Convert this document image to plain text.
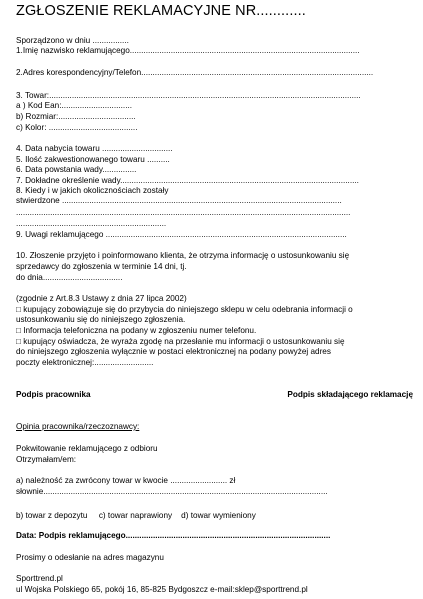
ZGŁOSZENIE REKLAMACYJNE NR............
Sporządzono w dniu ................
1.Imię nazwisko reklamującego.....................................................................................................
2.Adres korespondencyjny/Telefon......................................................................................................
3. Towar:.........................................................................................................................................
a ) Kod Ean:...............................
b) Rozmiar:..................................
c) Kolor: .......................................
4. Data nabycia towaru ...............................
5. Ilość zakwestionowanego towaru ..........
6. Data powstania wady...............
7. Dokładne określenie wady.........................................................................................................
8. Kiedy i w jakich okolicznościach zostały
stwierdzone ...........................................................................................................................
...................................................................................................................................................
..................................................................
9. Uwagi reklamującego ..........................................................................................................
10. Złoszenie przyjęto i poinformowano klienta, że otrzyma informację o ustosunkowaniu się
sprzedawcy do zgłoszenia w terminie 14 dni, tj.
do dnia...................................
(zgodnie z Art.8.3 Ustawy z dnia 27 lipca 2002)
□ kupujący zobowiązuje się do przybycia do niniejszego sklepu w celu odebrania informacji o
ustosunkowaniu się do niniejszego zgłoszenia.
□ Informacja telefoniczna na podany w zgłoszeniu numer telefonu.
□ kupujący oświadcza, że wyraża zgodę na przesłanie mu informacji o ustosunkowaniu się
do niniejszego zgłoszenia wyłącznie w postaci elektronicznej na podany powyżej adres
poczty elektronicznej:..........................
Podpis pracownika	Podpis składającego reklamację
Opinia pracownika/rzeczoznawcy:
Pokwitowanie reklamującego z odbioru
Otrzymałam/em:
a) należność za zwrócony towar w kwocie ......................... zł
słownie.............................................................................................................................
b) towar z depozytu     c) towar naprawiony    d) towar wymieniony
Data: Podpis reklamującego..........................................................................................
Prosimy o odesłanie na adres magazynu
Sporttrend.pl
ul Wojska Polskiego 65, pokój 16, 85-825 Bydgoszcz e-mail:sklep@sporttrend.pl
